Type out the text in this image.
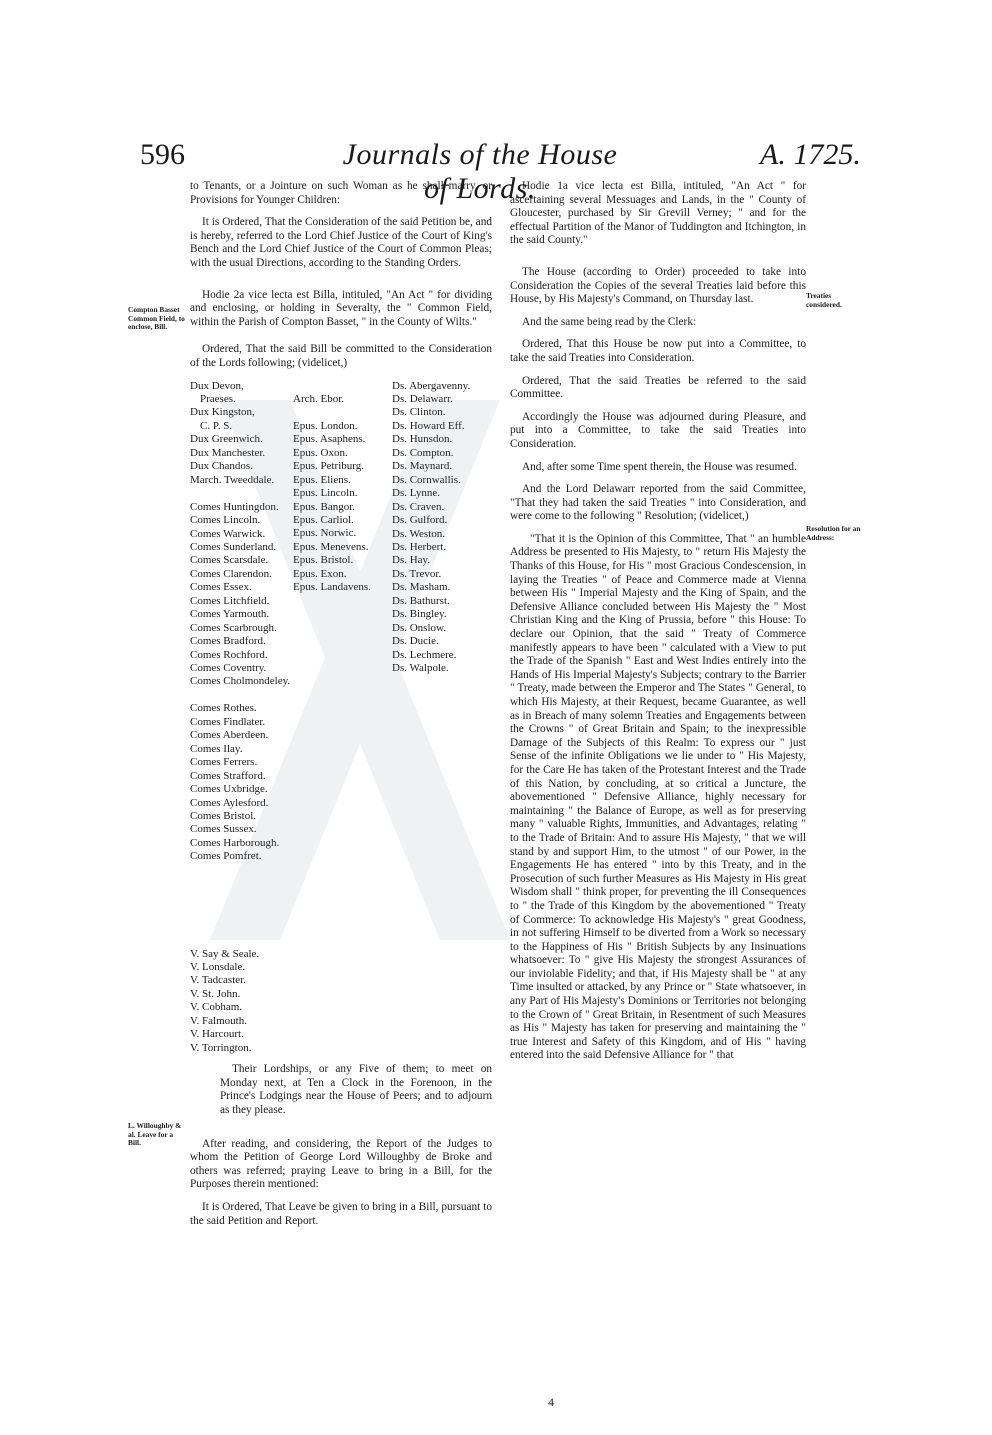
596	Journals of the House of Lords.
A. 1725.
Compton Basset Common Field, to enclose, Bill.
Treaties considered.
Resolution for an Address:
L. Willoughby & al. Leave for a Bill.

to Tenants, or a Jointure on such Woman as he shall marry, or Provisions for Younger Children:

It is Ordered, That the Consideration of the said Petition be, and is hereby, referred to the Lord Chief Justice of the Court of King's Bench and the Lord Chief Justice of the Court of Common Pleas; with the usual Directions, according to the Standing Orders.

Hodie 2a vice lecta est Billa, intituled, "An Act " for dividing and enclosing, or holding in Severalty, the " Common Field, within the Parish of Compton Basset, " in the County of Wilts."

Ordered, That the said Bill be committed to the Consideration of the Lords following; (videlicet,)

Dux Devon,
Praeses.
Dux Kingston,
C. P. S.
Dux Greenwich.
Dux Manchester.
Dux Chandos.
March. Tweeddale.
Comes Huntingdon.
Comes Lincoln.
Comes Warwick.
Comes Sunderland.
Comes Scarsdale.
Comes Clarendon.
Comes Essex.
Comes Litchfield.
Comes Yarmouth.
Comes Scarbrough.
Comes Bradford.
Comes Rochford.
Comes Coventry.
Comes Cholmondeley.
Comes Rothes.
Comes Findlater.
Comes Aberdeen.
Comes Ilay.
Comes Ferrers.
Comes Strafford.
Comes Uxbridge.
Comes Aylesford.
Comes Bristol.
Comes Sussex.
Comes Harborough.
Comes Pomfret.
Arch. Ebor.
Epus. London.
Epus. Asaphens.
Epus. Oxon.
Epus. Petriburg.
Epus. Eliens.
Epus. Lincoln.
Epus. Bangor.
Epus. Carliol.
Epus. Norwic.
Epus. Menevens.
Epus. Bristol.
Epus. Exon.
Epus. Landavens.
Ds. Abergavenny.
Ds. Delawarr.
Ds. Clinton.
Ds. Howard Eff.
Ds. Hunsdon.
Ds. Compton.
Ds. Maynard.
Ds. Cornwallis.
Ds. Lynne.
Ds. Craven.
Ds. Gulford.
Ds. Weston.
Ds. Herbert.
Ds. Hay.
Ds. Trevor.
Ds. Masham.
Ds. Bathurst.
Ds. Bingley.
Ds. Onslow.
Ds. Ducie.
Ds. Lechmere.
Ds. Walpole.
V. Say & Seale.
V. Lonsdale.
V. Tadcaster.
V. St. John.
V. Cobham.
V. Falmouth.
V. Harcourt.
V. Torrington.

Their Lordships, or any Five of them; to meet on Monday next, at Ten a Clock in the Forenoon, in the Prince's Lodgings near the House of Peers; and to adjourn as they please.

After reading, and considering, the Report of the Judges to whom the Petition of George Lord Willoughby de Broke and others was referred; praying Leave to bring in a Bill, for the Purposes therein mentioned:

It is Ordered, That Leave be given to bring in a Bill, pursuant to the said Petition and Report.

Hodie 1a vice lecta est Billa, intituled, "An Act " for ascertaining several Messuages and Lands, in the " County of Gloucester, purchased by Sir Grevill Verney; " and for the effectual Partition of the Manor of Tuddington and Itchington, in the said County."

The House (according to Order) proceeded to take into Consideration the Copies of the several Treaties laid before this House, by His Majesty's Command, on Thursday last.

And the same being read by the Clerk:

Ordered, That this House be now put into a Committee, to take the said Treaties into Consideration.

Ordered, That the said Treaties be referred to the said Committee.

Accordingly the House was adjourned during Pleasure, and put into a Committee, to take the said Treaties into Consideration.

And, after some Time spent therein, the House was resumed.

And the Lord Delawarr reported from the said Committee, "That they had taken the said Treaties " into Consideration, and were come to the following " Resolution; (videlicet,)

"That it is the Opinion of this Committee, That " an humble Address be presented to His Majesty, to " return His Majesty the Thanks of this House, for His " most Gracious Condescension, in laying the Treaties " of Peace and Commerce made at Vienna between His " Imperial Majesty and the King of Spain, and the Defensive Alliance concluded between His Majesty the " Most Christian King and the King of Prussia, before " this House: To declare our Opinion, that the said " Treaty of Commerce manifestly appears to have been " calculated with a View to put the Trade of the Spanish " East and West Indies entirely into the Hands of His Imperial Majesty's Subjects; contrary to the Barrier " Treaty, made between the Emperor and The States " General, to which His Majesty, at their Request, became Guarantee, as well as in Breach of many solemn Treaties and Engagements between the Crowns " of Great Britain and Spain; to the inexpressible Damage of the Subjects of this Realm: To express our " just Sense of the infinite Obligations we lie under to " His Majesty, for the Care He has taken of the Protestant Interest and the Trade of this Nation, by concluding, at so critical a Juncture, the abovementioned " Defensive Alliance, highly necessary for maintaining " the Balance of Europe, as well as for preserving many " valuable Rights, Immunities, and Advantages, relating " to the Trade of Britain: And to assure His Majesty, " that we will stand by and support Him, to the utmost " of our Power, in the Engagements He has entered " into by this Treaty, and in the Prosecution of such further Measures as His Majesty in His great Wisdom shall " think proper, for preventing the ill Consequences to " the Trade of this Kingdom by the abovementioned " Treaty of Commerce: To acknowledge His Majesty's " great Goodness, in not suffering Himself to be diverted from a Work so necessary to the Happiness of His " British Subjects by any Insinuations whatsoever: To " give His Majesty the strongest Assurances of our inviolable Fidelity; and that, if His Majesty shall be " at any Time insulted or attacked, by any Prince or " State whatsoever, in any Part of His Majesty's Dominions or Territories not belonging to the Crown of " Great Britain, in Resentment of such Measures as His " Majesty has taken for preserving and maintaining the " true Interest and Safety of this Kingdom, and of His " having entered into the said Defensive Alliance for " that

4
